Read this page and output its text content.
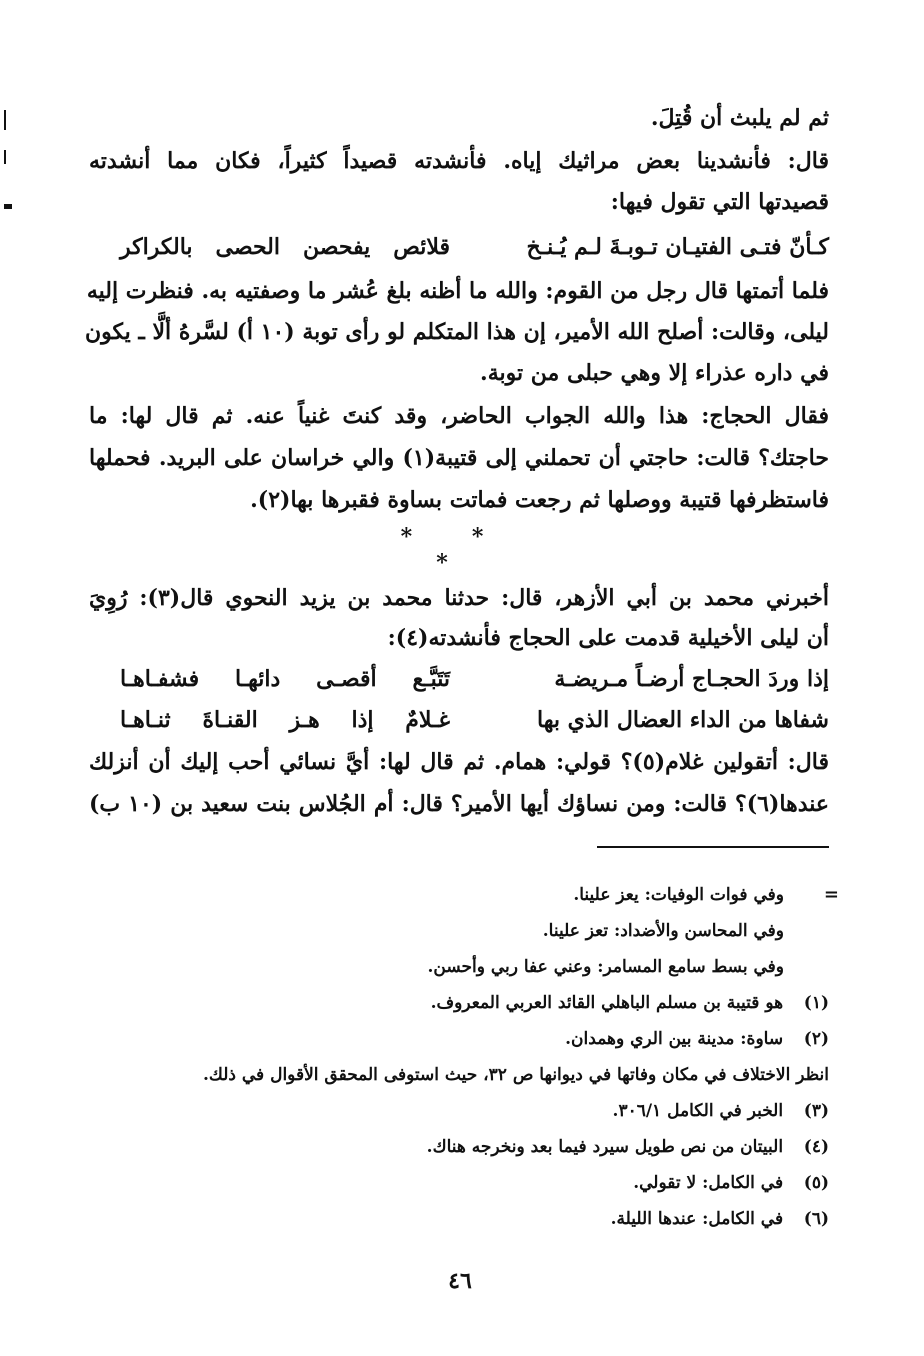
ثم لم يلبث أن قُتِلَ.
قال: فأنشدينا بعض مراثيك إياه. فأنشدته قصيداً كثيراً، فكان مما أنشدته
قصيدتها التي تقول فيها:
كـأنّ فتـى الفتيـان تـوبـةَ لـم يُـنـخ
قلائص يفحصن الحصى بالكراكر
فلما أتمتها قال رجل من القوم: والله ما أظنه بلغ عُشر ما وصفتيه به. فنظرت إليه
ليلى، وقالت: أصلح الله الأمير، إن هذا المتكلم لو رأى توبة (١٠ أ) لسَّرهُ ألَّا ـ يكون
في داره عذراء إلا وهي حبلى من توبة.
فقال الحجاج: هذا والله الجواب الحاضر، وقد كنتَ غنياً عنه. ثم قال لها: ما
حاجتك؟ قالت: حاجتي أن تحملني إلى قتيبة(١) والي خراسان على البريد. فحملها
فاستظرفها قتيبة ووصلها ثم رجعت فماتت بساوة فقبرها بها(٢).
* * *
أخبرني محمد بن أبي الأزهر، قال: حدثنا محمد بن يزيد النحوي قال(٣): رُوِيَ
أن ليلى الأخيلية قدمت على الحجاج فأنشدته(٤):
إذا وردَ الحجـاج أرضـاً مـريضـة
تَتَبَّـع أقصـى دائهـا فشفـاهـا
شفاها من الداء العضال الذي بها
غـلامٌ إذا هـز القنـاةَ ثنـاهـا
قال: أتقولين غلام(٥)؟ قولي: همام. ثم قال لها: أيَّ نسائي أحب إليك أن أنزلك
عندها(٦)؟ قالت: ومن نساؤك أيها الأمير؟ قال: أم الجُلاس بنت سعيد بن (١٠ ب)
=
وفي فوات الوفيات: يعز علينا.
وفي المحاسن والأضداد: تعز علينا.
وفي بسط سامع المسامر: وعني عفا ربي وأحسن.
(١) هو قتيبة بن مسلم الباهلي القائد العربي المعروف.
(٢) ساوة: مدينة بين الري وهمدان.
انظر الاختلاف في مكان وفاتها في ديوانها ص ٣٢، حيث استوفى المحقق الأقوال في ذلك.
(٣) الخبر في الكامل ٣٠٦/١.
(٤) البيتان من نص طويل سيرد فيما بعد ونخرجه هناك.
(٥) في الكامل: لا تقولي.
(٦) في الكامل: عندها الليلة.
٤٦
